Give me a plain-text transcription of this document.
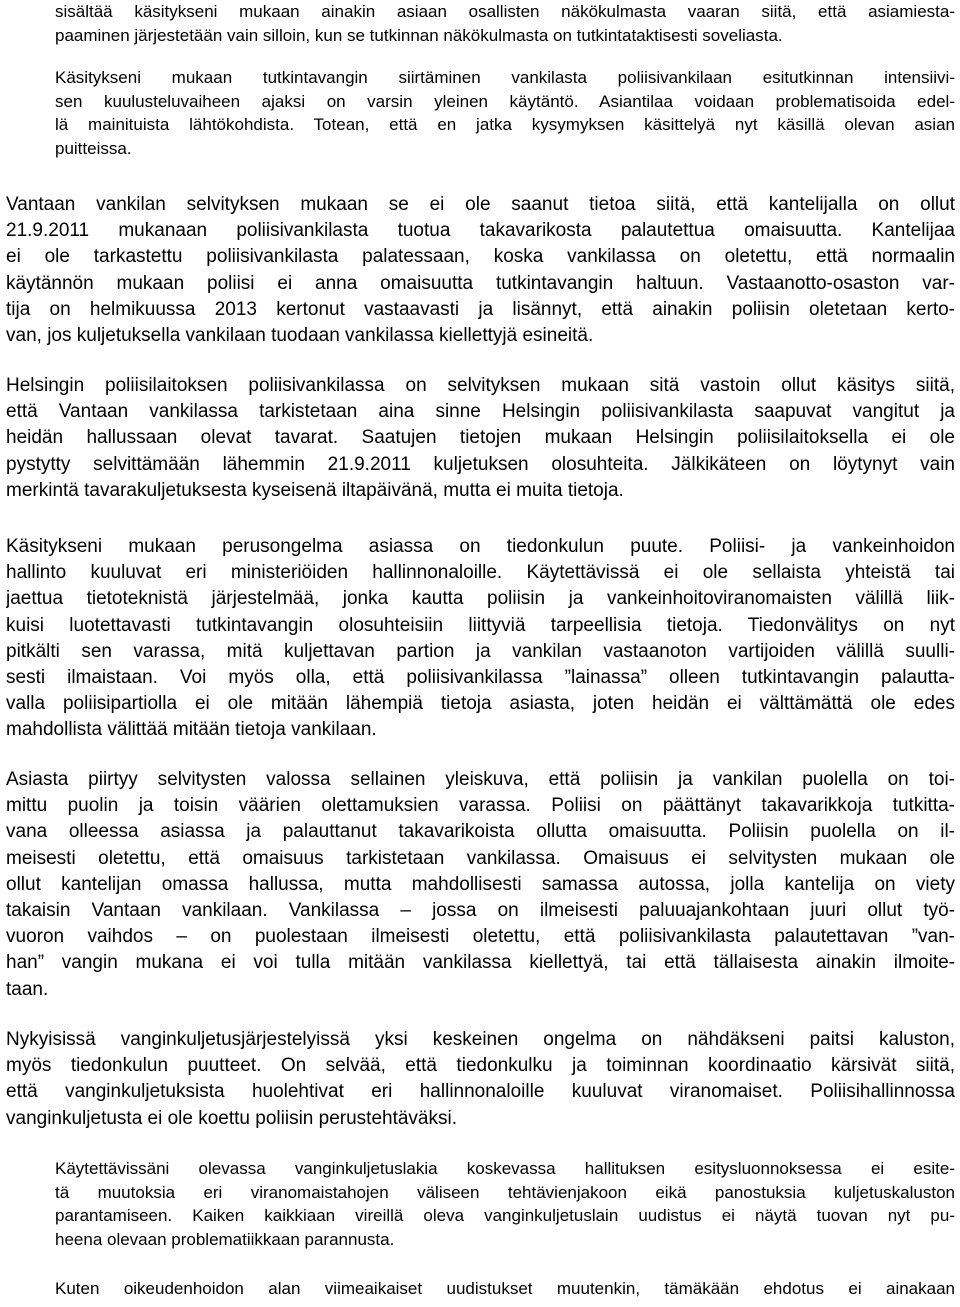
sisältää käsitykseni mukaan ainakin asiaan osallisten näkökulmasta vaaran siitä, että asiamiesta-
paaminen järjestetään vain silloin, kun se tutkinnan näkökulmasta on tutkintataktisesti soveliasta.
Käsitykseni mukaan tutkintavangin siirtäminen vankilasta poliisivankilaan esitutkinnan intensiivi-
sen kuulusteluvaiheen ajaksi on varsin yleinen käytäntö. Asiantilaa voidaan problematisoida edel-
lä mainituista lähtökohdista. Totean, että en jatka kysymyksen käsittelyä nyt käsillä olevan asian
puitteissa.
Vantaan vankilan selvityksen mukaan se ei ole saanut tietoa siitä, että kantelijalla on ollut
21.9.2011 mukanaan poliisivankilasta tuotua takavarikosta palautettua omaisuutta. Kantelijaa
ei ole tarkastettu poliisivankilasta palatessaan, koska vankilassa on oletettu, että normaalin
käytännön mukaan poliisi ei anna omaisuutta tutkintavangin haltuun. Vastaanotto-osaston var-
tija on helmikuussa 2013 kertonut vastaavasti ja lisännyt, että ainakin poliisin oletetaan kerto-
van, jos kuljetuksella vankilaan tuodaan vankilassa kiellettyjä esineitä.
Helsingin poliisilaitoksen poliisivankilassa on selvityksen mukaan sitä vastoin ollut käsitys siitä,
että Vantaan vankilassa tarkistetaan aina sinne Helsingin poliisivankilasta saapuvat vangitut ja
heidän hallussaan olevat tavarat. Saatujen tietojen mukaan Helsingin poliisilaitoksella ei ole
pystytty selvittämään lähemmin 21.9.2011 kuljetuksen olosuhteita. Jälkikäteen on löytynyt vain
merkintä tavarakuljetuksesta kyseisenä iltapäivänä, mutta ei muita tietoja.
Käsitykseni mukaan perusongelma asiassa on tiedonkulun puute. Poliisi- ja vankeinhoidon
hallinto kuuluvat eri ministeriöiden hallinnonaloille. Käytettävissä ei ole sellaista yhteistä tai
jaettua tietoteknistä järjestelmää, jonka kautta poliisin ja vankeinhoitoviranomaisten välillä liik-
kuisi luotettavasti tutkintavangin olosuhteisiin liittyviä tarpeellisia tietoja. Tiedonvälitys on nyt
pitkälti sen varassa, mitä kuljettavan partion ja vankilan vastaanoton vartijoiden välillä suulli-
sesti ilmaistaan. Voi myös olla, että poliisivankilassa ”lainassa” olleen tutkintavangin palautta-
valla poliisipartiolla ei ole mitään lähempiä tietoja asiasta, joten heidän ei välttämättä ole edes
mahdollista välittää mitään tietoja vankilaan.
Asiasta piirtyy selvitysten valossa sellainen yleiskuva, että poliisin ja vankilan puolella on toi-
mittu puolin ja toisin väärien olettamuksien varassa. Poliisi on päättänyt takavarikkoja tutkitta-
vana olleessa asiassa ja palauttanut takavarikoista ollutta omaisuutta. Poliisin puolella on il-
meisesti oletettu, että omaisuus tarkistetaan vankilassa. Omaisuus ei selvitysten mukaan ole
ollut kantelijan omassa hallussa, mutta mahdollisesti samassa autossa, jolla kantelija on viety
takaisin Vantaan vankilaan. Vankilassa – jossa on ilmeisesti paluuajankohtaan juuri ollut työ-
vuoron vaihdos – on puolestaan ilmeisesti oletettu, että poliisivankilasta palautettavan ”van-
han” vangin mukana ei voi tulla mitään vankilassa kiellettyä, tai että tällaisesta ainakin ilmoite-
taan.
Nykyisissä vanginkuljetusjärjestelyissä yksi keskeinen ongelma on nähdäkseni paitsi kaluston,
myös tiedonkulun puutteet. On selvää, että tiedonkulku ja toiminnan koordinaatio kärsivät siitä,
että vanginkuljetuksista huolehtivat eri hallinnonaloille kuuluvat viranomaiset. Poliisihallinnossa
vanginkuljetusta ei ole koettu poliisin perustehtäväksi.
Käytettävissäni olevassa vanginkuljetuslakia koskevassa hallituksen esitysluonnoksessa ei esite-
tä muutoksia eri viranomaistahojen väliseen tehtävienjakoon eikä panostuksia kuljetuskaluston
parantamiseen. Kaiken kaikkiaan vireillä oleva vanginkuljetuslain uudistus ei näytä tuovan nyt pu-
heena olevaan problematiikkaan parannusta.
Kuten oikeudenhoidon alan viimeaikaiset uudistukset muutenkin, tämäkään ehdotus ei ainakaan
